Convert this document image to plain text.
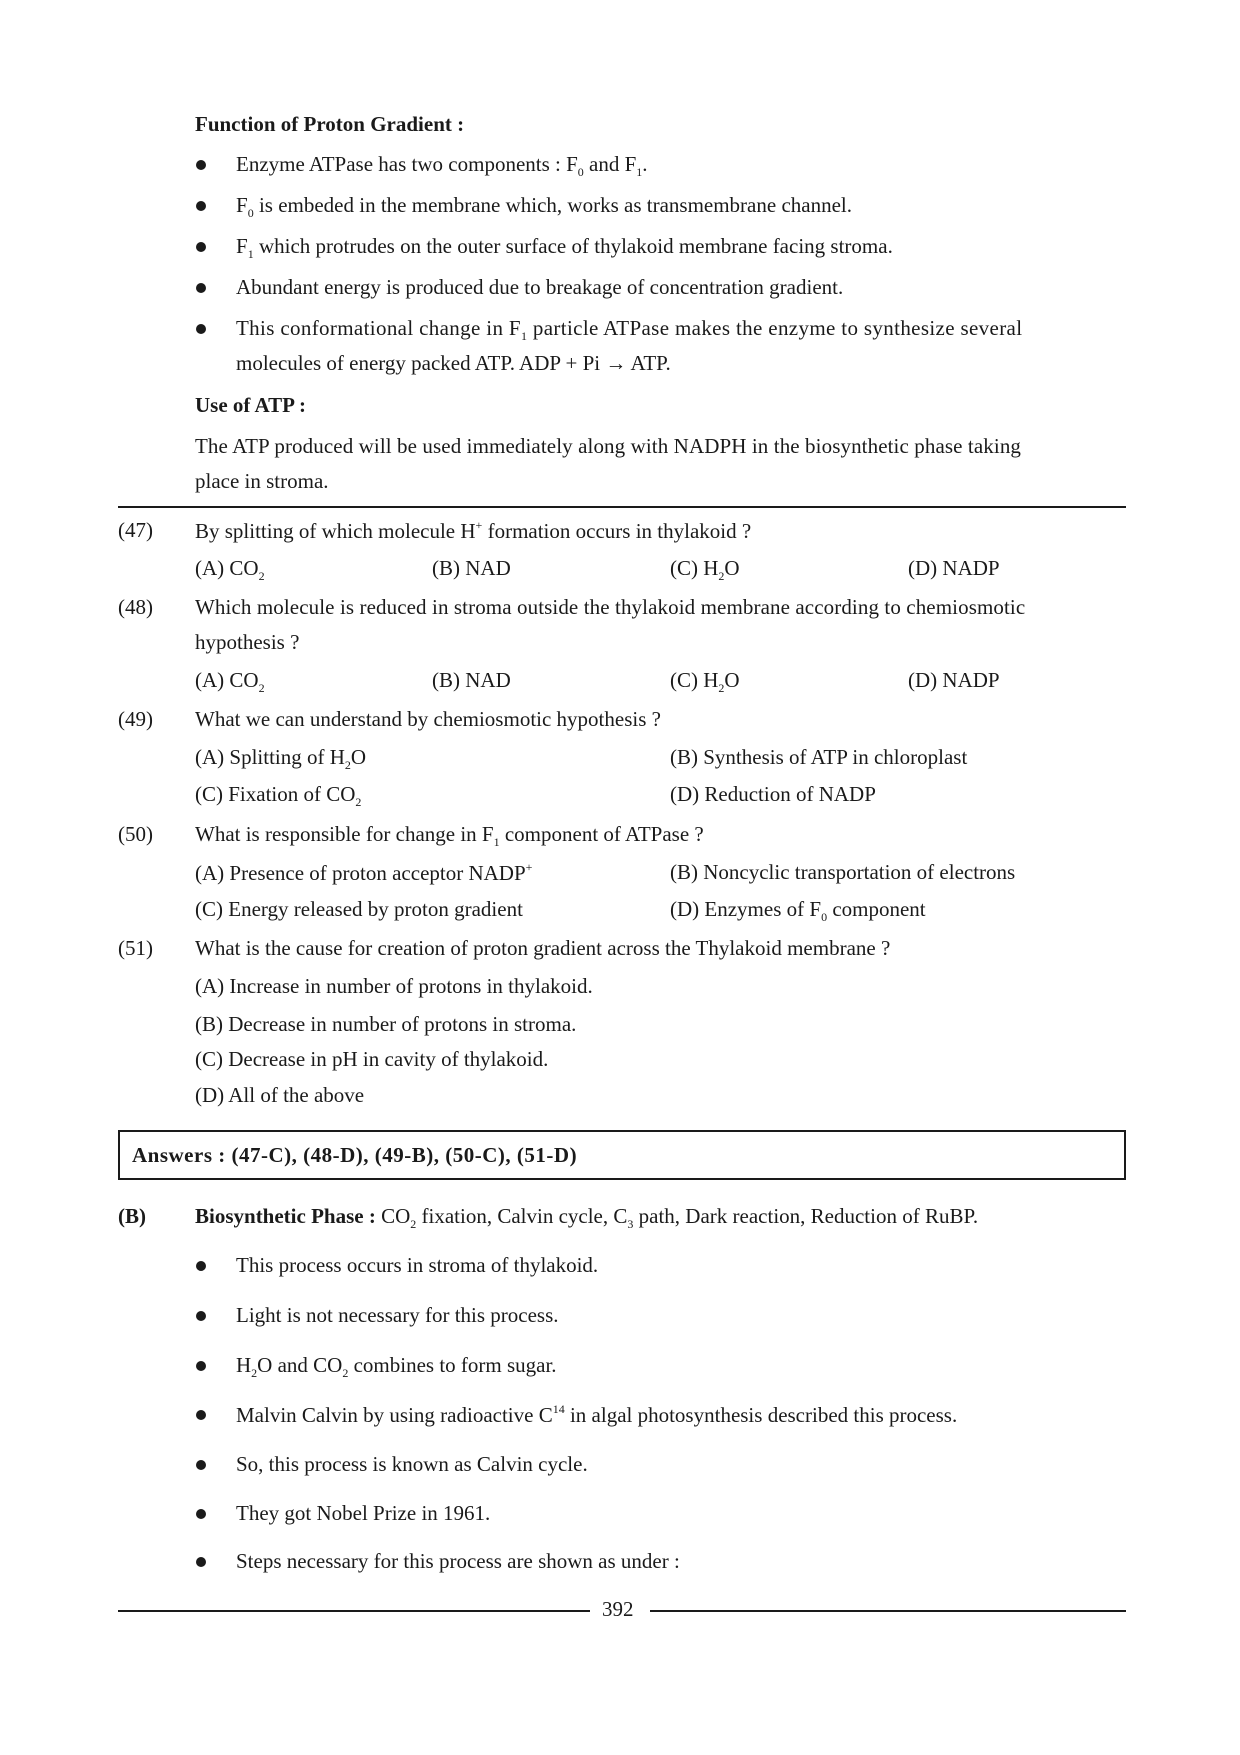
Function of Proton Gradient :
Enzyme ATPase has two components : $F_0$ and $F_1$.
$F_0$ is embeded in the membrane which, works as transmembrane channel.
$F_1$ which protrudes on the outer surface of thylakoid membrane facing stroma.
Abundant energy is produced due to breakage of concentration gradient.
This conformational change in $F_1$ particle ATPase makes the enzyme to synthesize several
molecules of energy packed ATP. ADP + Pi → ATP.
Use of ATP :
The ATP produced will be used immediately along with NADPH in the biosynthetic phase taking
place in stroma.
(47) By splitting of which molecule H+ formation occurs in thylakoid ?
(A) $CO_2$	(B) NAD	(C) $H_2O$	(D) NADP
(48) Which molecule is reduced in stroma outside the thylakoid membrane according to chemiosmotic
hypothesis ?
(A) $CO_2$	(B) NAD	(C) $H_2O$	(D) NADP
(49) What we can understand by chemiosmotic hypothesis ?
(A) Splitting of $H_2O$	(B) Synthesis of ATP in chloroplast
(C) Fixation of $CO_2$	(D) Reduction of NADP
(50) What is responsible for change in $F_1$ component of ATPase ?
(A) Presence of proton acceptor NADP+	(B) Noncyclic transportation of electrons
(C) Energy released by proton gradient	(D) Enzymes of $F_0$ component
(51) What is the cause for creation of proton gradient across the Thylakoid membrane ?
(A) Increase in number of protons in thylakoid.
(B) Decrease in number of protons in stroma.
(C) Decrease in pH in cavity of thylakoid.
(D) All of the above
Answers : (47-C), (48-D), (49-B), (50-C), (51-D)
(B) Biosynthetic Phase : $CO_2$ fixation, Calvin cycle, $C_3$ path, Dark reaction, Reduction of RuBP.
This process occurs in stroma of thylakoid.
Light is not necessary for this process.
$H_2O$ and $CO_2$ combines to form sugar.
Malvin Calvin by using radioactive $C^{14}$ in algal photosynthesis described this process.
So, this process is known as Calvin cycle.
They got Nobel Prize in 1961.
Steps necessary for this process are shown as under :
392
